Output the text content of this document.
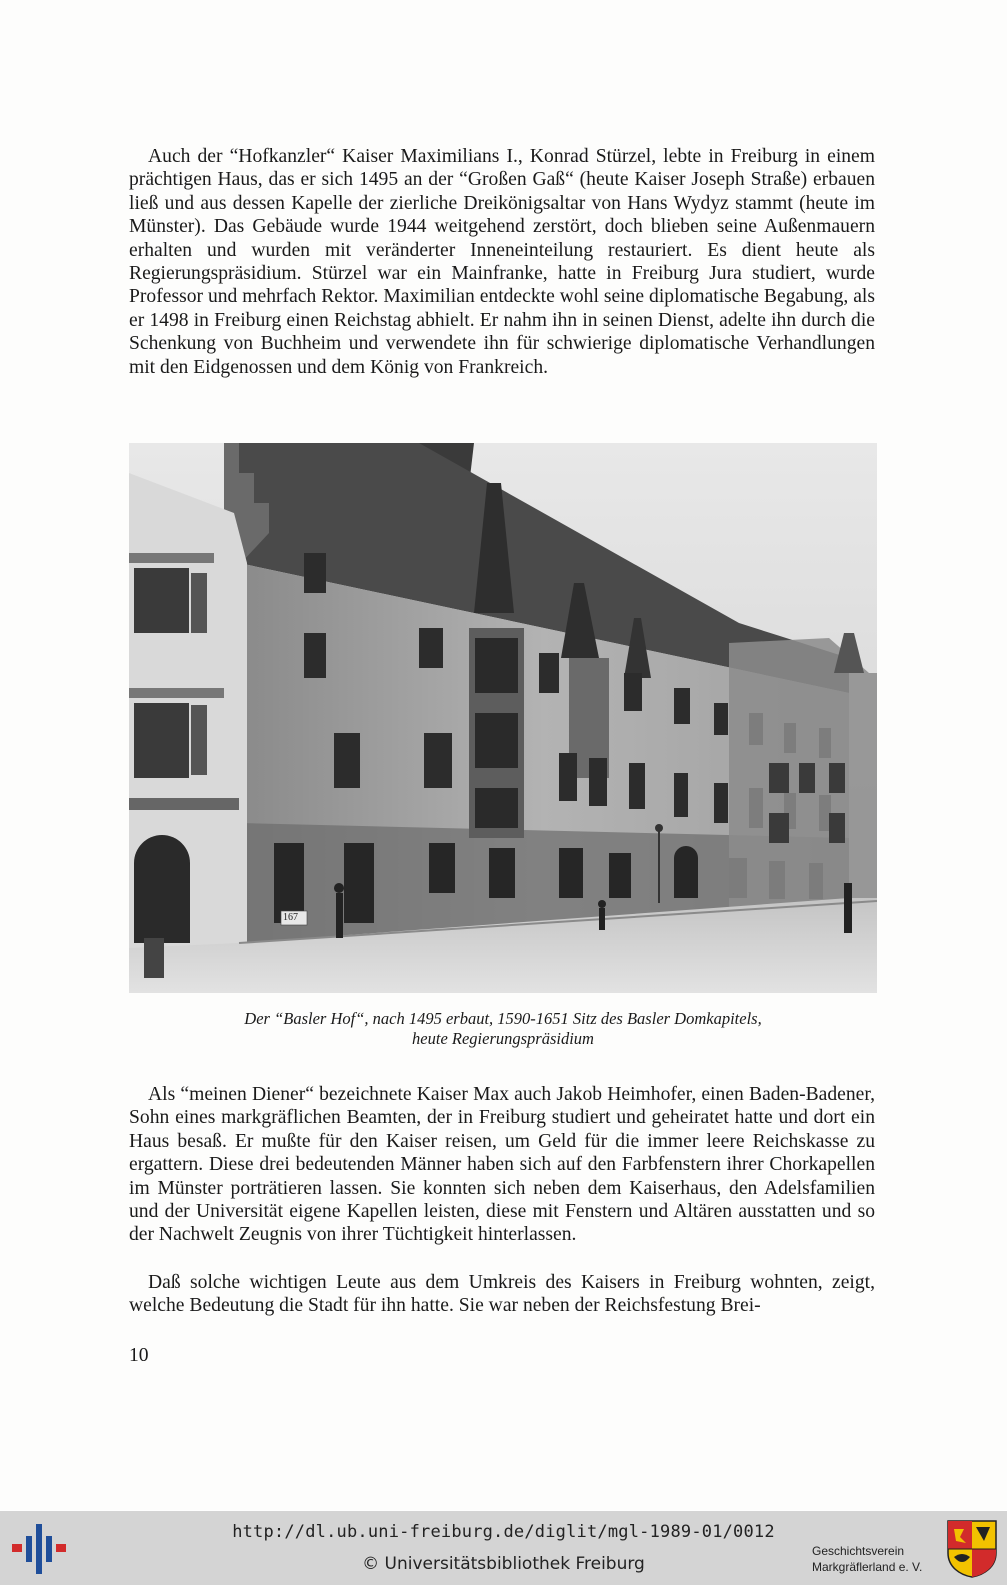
Auch der “Hofkanzler“ Kaiser Maximilians I., Konrad Stürzel, lebte in Freiburg in einem prächtigen Haus, das er sich 1495 an der “Großen Gaß“ (heute Kaiser Joseph Straße) erbauen ließ und aus dessen Kapelle der zierliche Dreikönigsaltar von Hans Wydyz stammt (heute im Münster). Das Gebäude wurde 1944 weitgehend zerstört, doch blieben seine Außenmauern erhalten und wurden mit veränderter Inneneinteilung restauriert. Es dient heute als Regierungspräsidium. Stürzel war ein Mainfranke, hatte in Freiburg Jura studiert, wurde Professor und mehrfach Rektor. Maximilian entdeckte wohl seine diplomatische Begabung, als er 1498 in Freiburg einen Reichstag abhielt. Er nahm ihn in seinen Dienst, adelte ihn durch die Schenkung von Buchheim und verwendete ihn für schwierige diplomatische Verhandlungen mit den Eidgenossen und dem König von Frankreich.

167
Der “Basler Hof“, nach 1495 erbaut, 1590-1651 Sitz des Basler Domkapitels,
heute Regierungspräsidium

Als “meinen Diener“ bezeichnete Kaiser Max auch Jakob Heimhofer, einen Baden-Badener, Sohn eines markgräflichen Beamten, der in Freiburg studiert und geheiratet hatte und dort ein Haus besaß. Er mußte für den Kaiser reisen, um Geld für die immer leere Reichskasse zu ergattern. Diese drei bedeutenden Männer haben sich auf den Farbfenstern ihrer Chorkapellen im Münster porträtieren lassen. Sie konnten sich neben dem Kaiserhaus, den Adelsfamilien und der Universität eigene Kapellen leisten, diese mit Fenstern und Altären ausstatten und so der Nachwelt Zeugnis von ihrer Tüchtigkeit hinterlassen.

Daß solche wichtigen Leute aus dem Umkreis des Kaisers in Freiburg wohnten, zeigt, welche Bedeutung die Stadt für ihn hatte. Sie war neben der Reichsfestung Brei-

10
http://dl.ub.uni-freiburg.de/diglit/mgl-1989-01/0012
© Universitätsbibliothek Freiburg
Geschichtsverein
Markgräflerland e. V.
